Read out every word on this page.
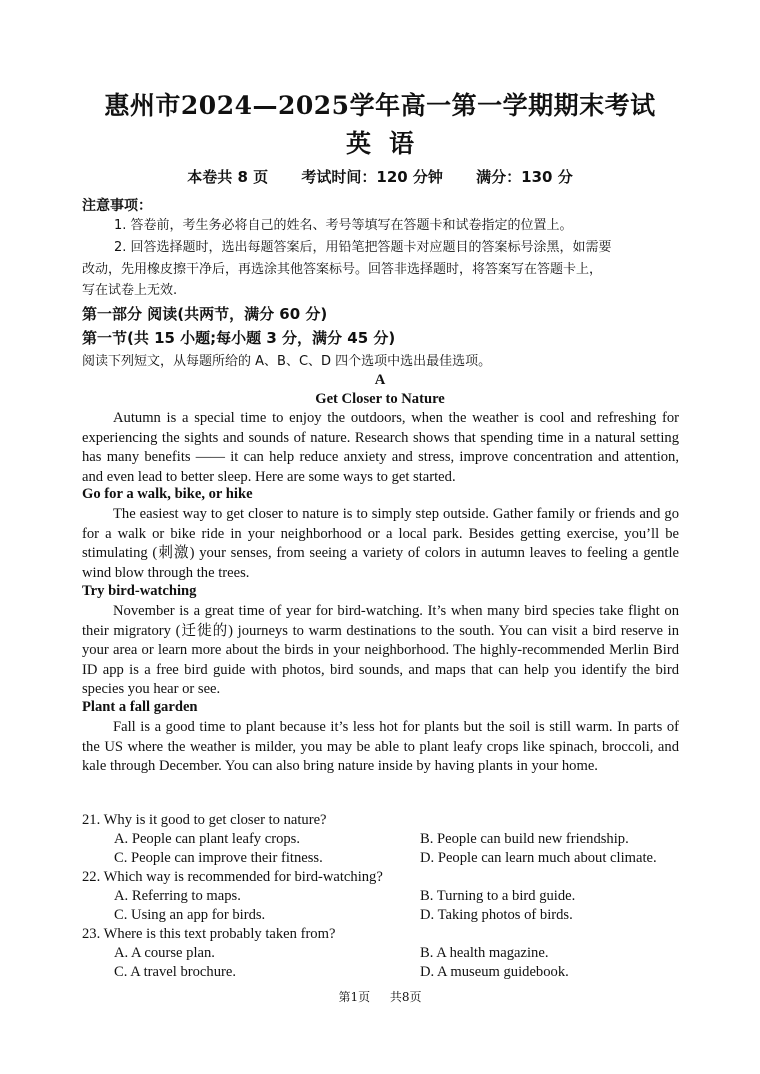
惠州市2024—2025学年高一第一学期期末考试
英语
本卷共 8 页 考试时间：120 分钟 满分：130 分
注意事项：
1. 答卷前，考生务必将自己的姓名、考号等填写在答题卡和试卷指定的位置上。
2. 回答选择题时，选出每题答案后，用铅笔把答题卡对应题目的答案标号涂黑，如需要
改动，先用橡皮擦干净后，再选涂其他答案标号。回答非选择题时，将答案写在答题卡上，
写在试卷上无效.
第一部分 阅读(共两节，满分 60 分)
第一节(共 15 小题;每小题 3 分，满分 45 分)
阅读下列短文，从每题所给的 A、B、C、D 四个选项中选出最佳选项。
A
Get Closer to Nature
Autumn is a special time to enjoy the outdoors, when the weather is cool and refreshing for experiencing the sights and sounds of nature. Research shows that spending time in a natural setting has many benefits —— it can help reduce anxiety and stress, improve concentration and attention, and even lead to better sleep. Here are some ways to get started.
Go for a walk, bike, or hike
The easiest way to get closer to nature is to simply step outside. Gather family or friends and go for a walk or bike ride in your neighborhood or a local park. Besides getting exercise, you’ll be stimulating (刺激) your senses, from seeing a variety of colors in autumn leaves to feeling a gentle wind blow through the trees.
Try bird-watching
November is a great time of year for bird-watching. It’s when many bird species take flight on their migratory (迁徙的) journeys to warm destinations to the south. You can visit a bird reserve in your area or learn more about the birds in your neighborhood. The highly-recommended Merlin Bird ID app is a free bird guide with photos, bird sounds, and maps that can help you identify the bird species you hear or see.
Plant a fall garden
Fall is a good time to plant because it’s less hot for plants but the soil is still warm. In parts of the US where the weather is milder, you may be able to plant leafy crops like spinach, broccoli, and kale through December. You can also bring nature inside by having plants in your home.
21. Why is it good to get closer to nature?
A. People can plant leafy crops.	B. People can build new friendship.
C. People can improve their fitness.	D. People can learn much about climate.
22. Which way is recommended for bird-watching?
A. Referring to maps.	B. Turning to a bird guide.
C. Using an app for birds.	D. Taking photos of birds.
23. Where is this text probably taken from?
A. A course plan.	B. A health magazine.
C. A travel brochure.	D. A museum guidebook.
第1页 共8页
